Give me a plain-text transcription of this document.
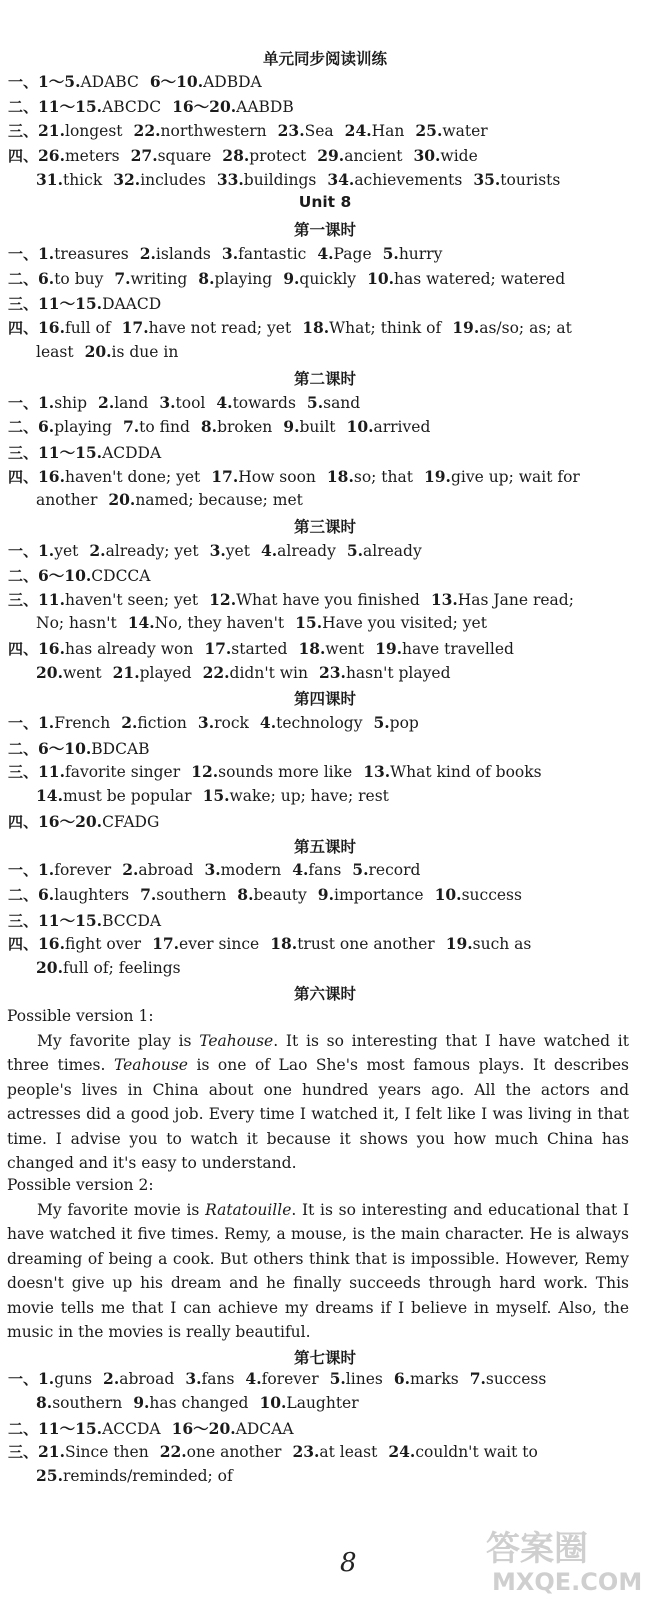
单元同步阅读训练
一、1～5.ADABC 6～10.ADBDA
二、11～15.ABCDC 16～20.AABDB
三、21.longest 22.northwestern 23.Sea 24.Han 25.water
四、26.meters 27.square 28.protect 29.ancient 30.wide
31.thick 32.includes 33.buildings 34.achievements 35.tourists
Unit 8
第一课时
一、1.treasures 2.islands 3.fantastic 4.Page 5.hurry
二、6.to buy 7.writing 8.playing 9.quickly 10.has watered; watered
三、11～15.DAACD
四、16.full of 17.have not read; yet 18.What; think of 19.as/so; as; at
least 20.is due in
第二课时
一、1.ship 2.land 3.tool 4.towards 5.sand
二、6.playing 7.to find 8.broken 9.built 10.arrived
三、11～15.ACDDA
四、16.haven't done; yet 17.How soon 18.so; that 19.give up; wait for
another 20.named; because; met
第三课时
一、1.yet 2.already; yet 3.yet 4.already 5.already
二、6～10.CDCCA
三、11.haven't seen; yet 12.What have you finished 13.Has Jane read;
No; hasn't 14.No, they haven't 15.Have you visited; yet
四、16.has already won 17.started 18.went 19.have travelled
20.went 21.played 22.didn't win 23.hasn't played
第四课时
一、1.French 2.fiction 3.rock 4.technology 5.pop
二、6～10.BDCAB
三、11.favorite singer 12.sounds more like 13.What kind of books
14.must be popular 15.wake; up; have; rest
四、16～20.CFADG
第五课时
一、1.forever 2.abroad 3.modern 4.fans 5.record
二、6.laughters 7.southern 8.beauty 9.importance 10.success
三、11～15.BCCDA
四、16.fight over 17.ever since 18.trust one another 19.such as
20.full of; feelings
第六课时
Possible version 1:
My favorite play is Teahouse. It is so interesting that I have watched it three times. Teahouse is one of Lao She's most famous plays. It describes people's lives in China about one hundred years ago. All the actors and actresses did a good job. Every time I watched it, I felt like I was living in that time. I advise you to watch it because it shows you how much China has changed and it's easy to understand.
Possible version 2:
My favorite movie is Ratatouille. It is so interesting and educational that I have watched it five times. Remy, a mouse, is the main character. He is always dreaming of being a cook. But others think that is impossible. However, Remy doesn't give up his dream and he finally succeeds through hard work. This movie tells me that I can achieve my dreams if I believe in myself. Also, the music in the movies is really beautiful.
第七课时
一、1.guns 2.abroad 3.fans 4.forever 5.lines 6.marks 7.success
8.southern 9.has changed 10.Laughter
二、11～15.ACCDA 16～20.ADCAA
三、21.Since then 22.one another 23.at least 24.couldn't wait to
25.reminds/reminded; of
8	答案圈
MXQE.COM
